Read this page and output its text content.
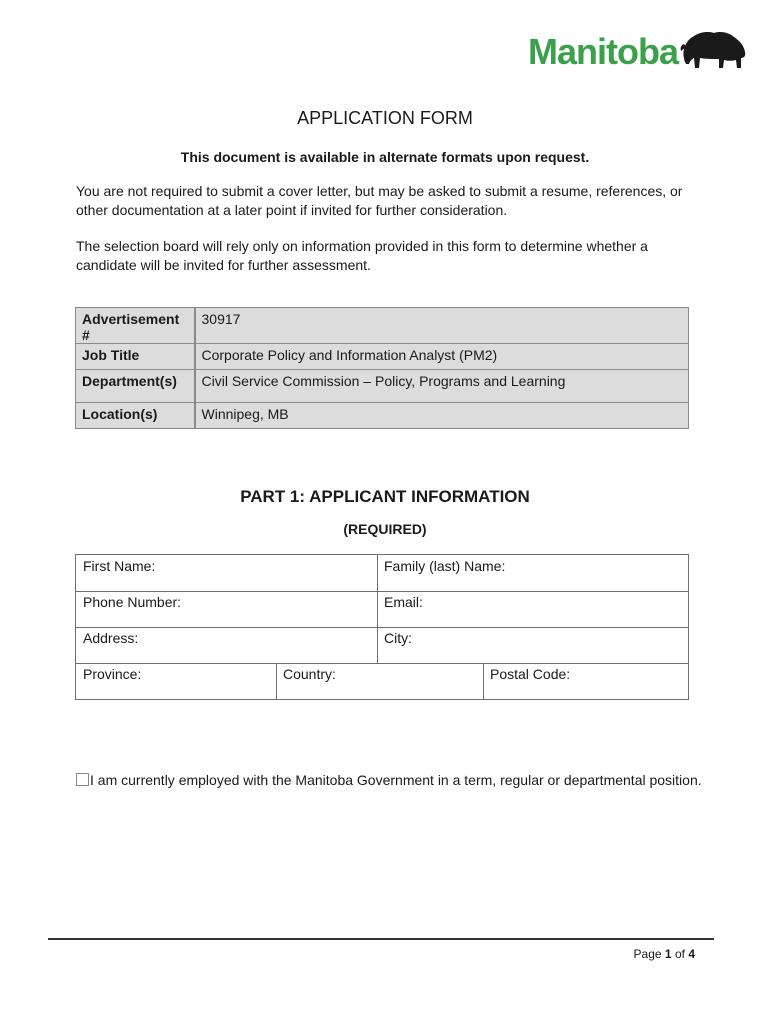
Manitoba
APPLICATION FORM
This document is available in alternate formats upon request.
You are not required to submit a cover letter, but may be asked to submit a resume, references, or other documentation at a later point if invited for further consideration.
The selection board will rely only on information provided in this form to determine whether a candidate will be invited for further assessment.
Advertisement #	30917
Job Title	Corporate Policy and Information Analyst (PM2)
Department(s)	Civil Service Commission – Policy, Programs and Learning
Location(s)	Winnipeg, MB
PART 1: APPLICANT INFORMATION
(REQUIRED)
First Name:	Family (last) Name:
Phone Number:	Email:
Address:	City:
Province:	Country:	Postal Code:
I am currently employed with the Manitoba Government in a term, regular or departmental position.
Page 1 of 4
